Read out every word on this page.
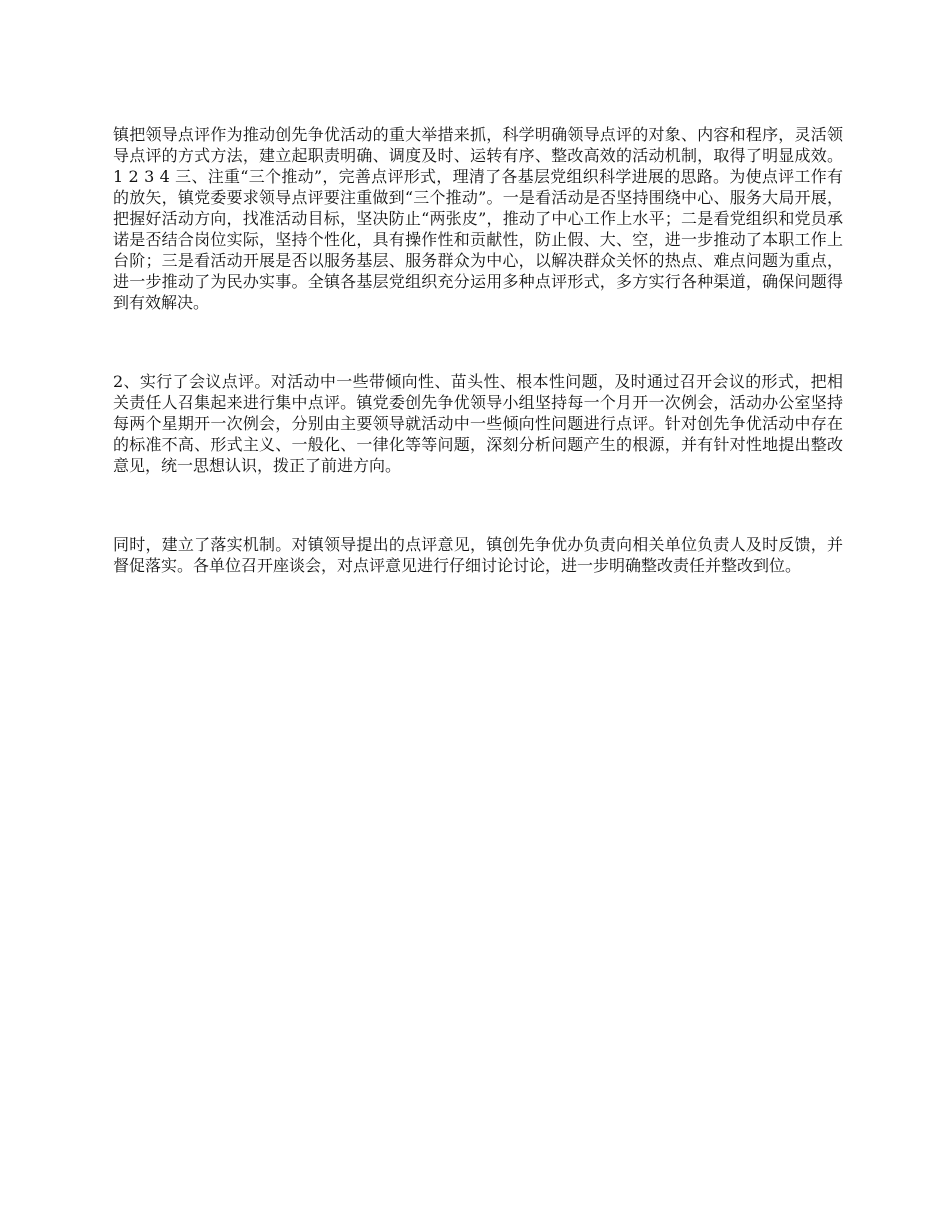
镇把领导点评作为推动创先争优活动的重大举措来抓，科学明确领导点评的对象、内容和程序，灵活领导点评的方式方法，建立起职责明确、调度及时、运转有序、整改高效的活动机制，取得了明显成效。1 2 3 4 三、注重“三个推动”，完善点评形式，理清了各基层党组织科学进展的思路。为使点评工作有的放矢，镇党委要求领导点评要注重做到“三个推动”。一是看活动是否坚持围绕中心、服务大局开展，把握好活动方向，找准活动目标，坚决防止“两张皮”，推动了中心工作上水平；二是看党组织和党员承诺是否结合岗位实际，坚持个性化，具有操作性和贡献性，防止假、大、空，进一步推动了本职工作上台阶；三是看活动开展是否以服务基层、服务群众为中心，以解决群众关怀的热点、难点问题为重点，进一步推动了为民办实事。全镇各基层党组织充分运用多种点评形式，多方实行各种渠道，确保问题得到有效解决。

2、实行了会议点评。对活动中一些带倾向性、苗头性、根本性问题，及时通过召开会议的形式，把相关责任人召集起来进行集中点评。镇党委创先争优领导小组坚持每一个月开一次例会，活动办公室坚持每两个星期开一次例会，分别由主要领导就活动中一些倾向性问题进行点评。针对创先争优活动中存在的标准不高、形式主义、一般化、一律化等等问题，深刻分析问题产生的根源，并有针对性地提出整改意见，统一思想认识，拨正了前进方向。

同时，建立了落实机制。对镇领导提出的点评意见，镇创先争优办负责向相关单位负责人及时反馈，并督促落实。各单位召开座谈会，对点评意见进行仔细讨论讨论，进一步明确整改责任并整改到位。
